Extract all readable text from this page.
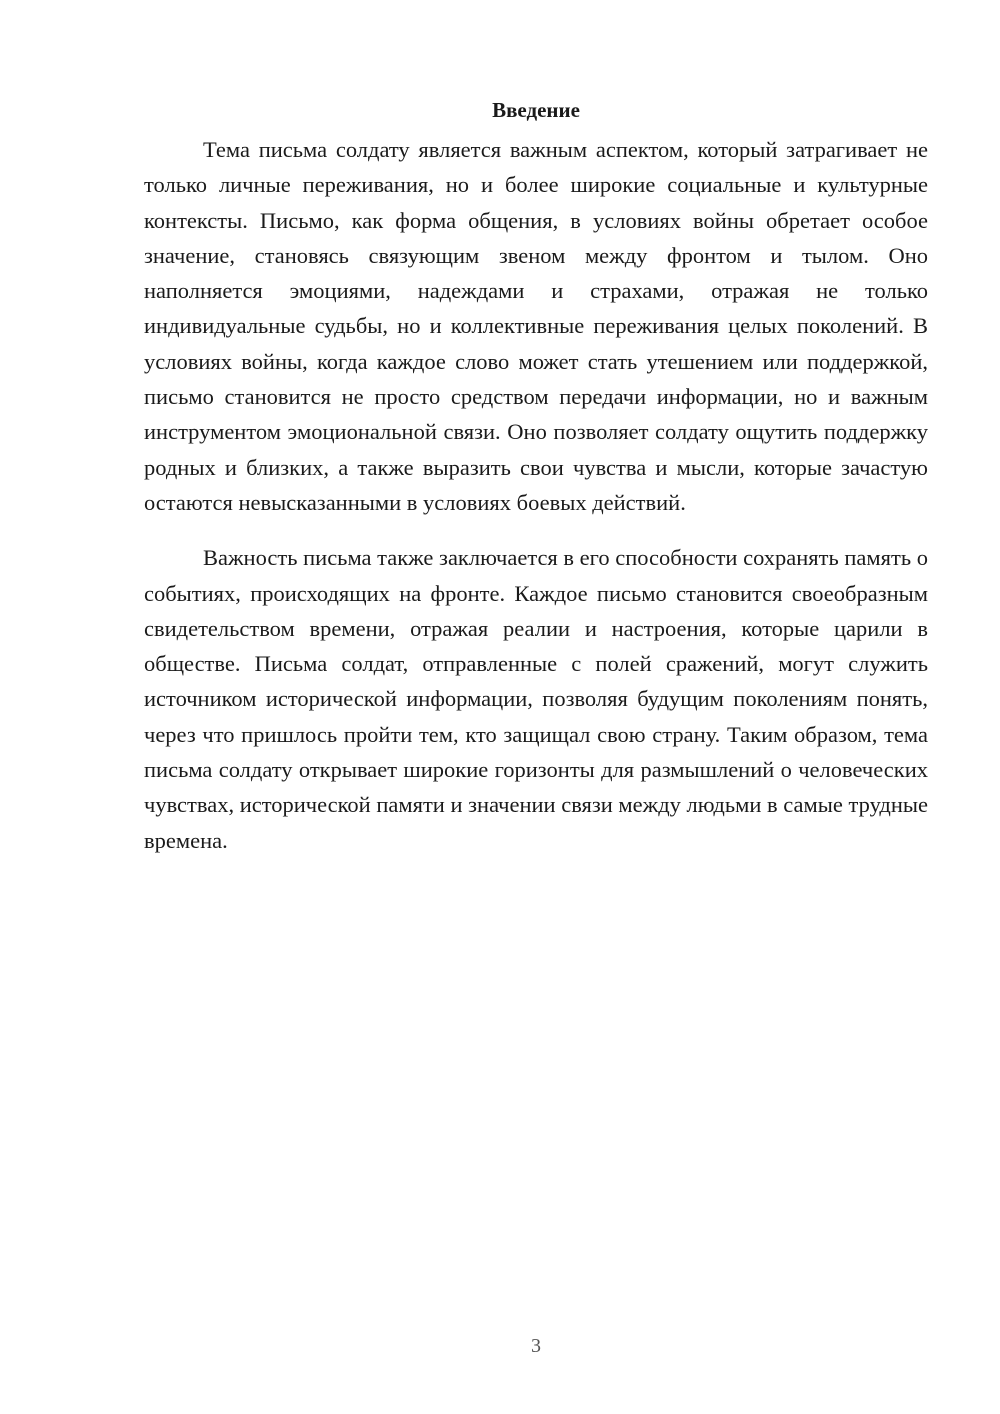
Введение

Тема письма солдату является важным аспектом, который затрагивает не только личные переживания, но и более широкие социальные и культурные контексты. Письмо, как форма общения, в условиях войны обретает особое значение, становясь связующим звеном между фронтом и тылом. Оно наполняется эмоциями, надеждами и страхами, отражая не только индивидуальные судьбы, но и коллективные переживания целых поколений. В условиях войны, когда каждое слово может стать утешением или поддержкой, письмо становится не просто средством передачи информации, но и важным инструментом эмоциональной связи. Оно позволяет солдату ощутить поддержку родных и близких, а также выразить свои чувства и мысли, которые зачастую остаются невысказанными в условиях боевых действий.

Важность письма также заключается в его способности сохранять память о событиях, происходящих на фронте. Каждое письмо становится своеобразным свидетельством времени, отражая реалии и настроения, которые царили в обществе. Письма солдат, отправленные с полей сражений, могут служить источником исторической информации, позволяя будущим поколениям понять, через что пришлось пройти тем, кто защищал свою страну. Таким образом, тема письма солдату открывает широкие горизонты для размышлений о человеческих чувствах, исторической памяти и значении связи между людьми в самые трудные времена.

3
